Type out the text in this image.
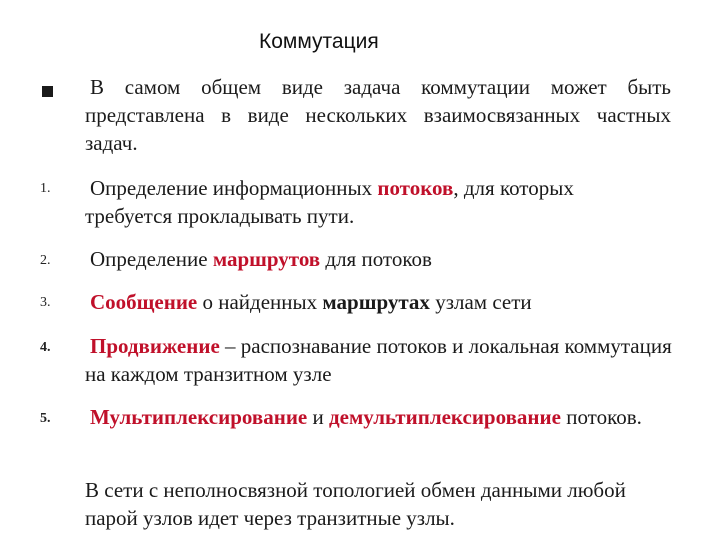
Коммутация
В самом общем виде задача коммутации может быть представлена в виде нескольких взаимосвязанных частных задач.
1. Определение информационных потоков, для которых требуется прокладывать пути.
2. Определение маршрутов для потоков
3. Сообщение о найденных маршрутах узлам сети
4. Продвижение – распознавание потоков и локальная коммутация на каждом транзитном узле
5. Мультиплексирование и демультиплексирование потоков.
В сети с неполносвязной топологией обмен данными любой парой узлов идет через транзитные узлы.
